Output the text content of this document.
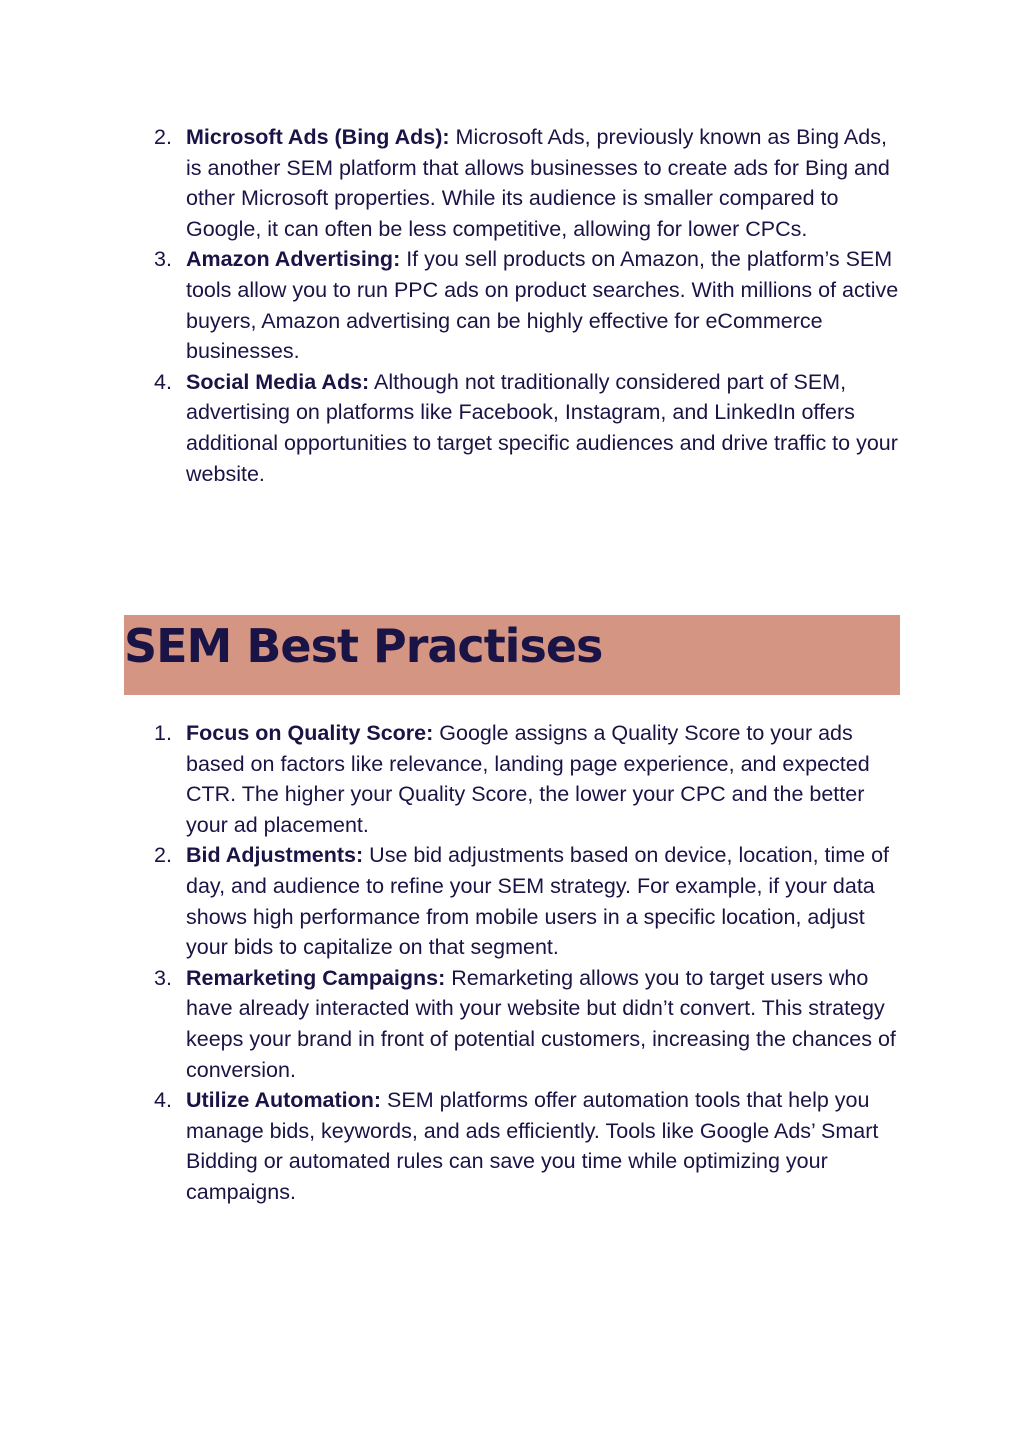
2. Microsoft Ads (Bing Ads): Microsoft Ads, previously known as Bing Ads, is another SEM platform that allows businesses to create ads for Bing and other Microsoft properties. While its audience is smaller compared to Google, it can often be less competitive, allowing for lower CPCs.
3. Amazon Advertising: If you sell products on Amazon, the platform’s SEM tools allow you to run PPC ads on product searches. With millions of active buyers, Amazon advertising can be highly effective for eCommerce businesses.
4. Social Media Ads: Although not traditionally considered part of SEM, advertising on platforms like Facebook, Instagram, and LinkedIn offers additional opportunities to target specific audiences and drive traffic to your website.
SEM Best Practises
1. Focus on Quality Score: Google assigns a Quality Score to your ads based on factors like relevance, landing page experience, and expected CTR. The higher your Quality Score, the lower your CPC and the better your ad placement.
2. Bid Adjustments: Use bid adjustments based on device, location, time of day, and audience to refine your SEM strategy. For example, if your data shows high performance from mobile users in a specific location, adjust your bids to capitalize on that segment.
3. Remarketing Campaigns: Remarketing allows you to target users who have already interacted with your website but didn’t convert. This strategy keeps your brand in front of potential customers, increasing the chances of conversion.
4. Utilize Automation: SEM platforms offer automation tools that help you manage bids, keywords, and ads efficiently. Tools like Google Ads’ Smart Bidding or automated rules can save you time while optimizing your campaigns.
